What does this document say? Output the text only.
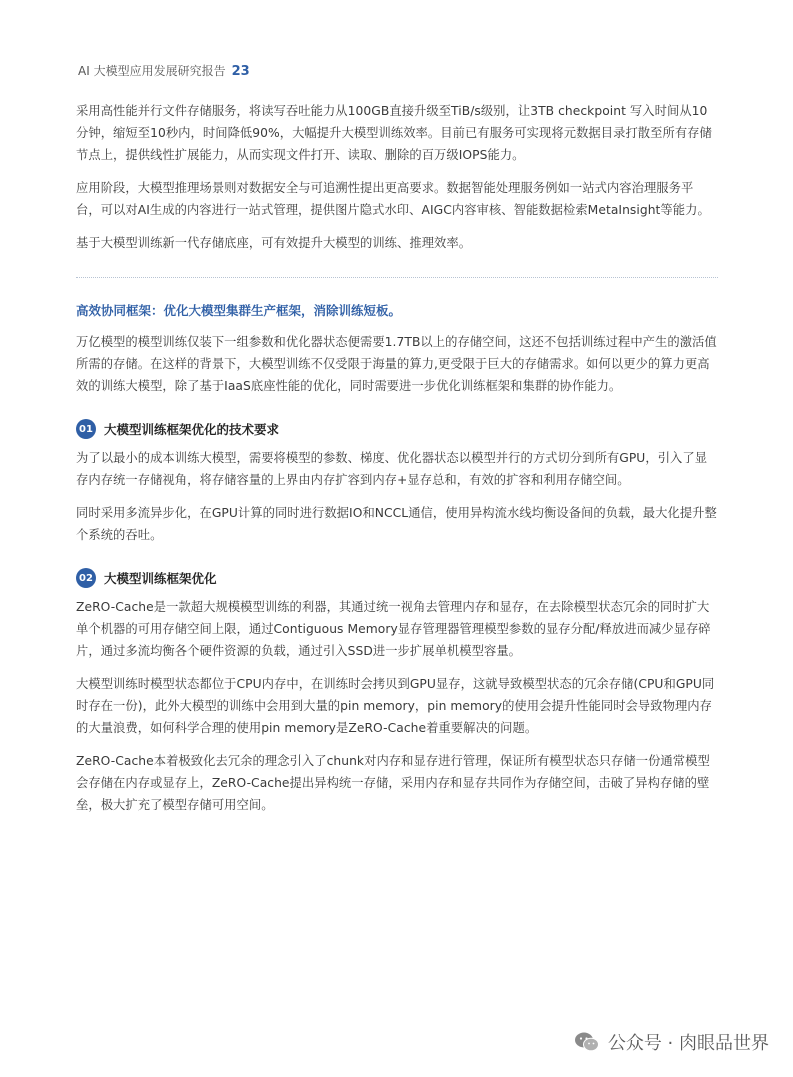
AI 大模型应用发展研究报告 23

采用高性能并行文件存储服务，将读写吞吐能力从100GB直接升级至TiB/s级别，让3TB checkpoint 写入时间从10分钟，缩短至10秒内，时间降低90%，大幅提升大模型训练效率。目前已有服务可实现将元数据目录打散至所有存储节点上，提供线性扩展能力，从而实现文件打开、读取、删除的百万级IOPS能力。

应用阶段，大模型推理场景则对数据安全与可追溯性提出更高要求。数据智能处理服务例如一站式内容治理服务平台，可以对AI生成的内容进行一站式管理，提供图片隐式水印、AIGC内容审核、智能数据检索MetaInsight等能力。

基于大模型训练新一代存储底座，可有效提升大模型的训练、推理效率。

高效协同框架：优化大模型集群生产框架，消除训练短板。

万亿模型的模型训练仅装下一组参数和优化器状态便需要1.7TB以上的存储空间，这还不包括训练过程中产生的激活值所需的存储。在这样的背景下，大模型训练不仅受限于海量的算力,更受限于巨大的存储需求。如何以更少的算力更高效的训练大模型，除了基于IaaS底座性能的优化，同时需要进一步优化训练框架和集群的协作能力。

01 大模型训练框架优化的技术要求

为了以最小的成本训练大模型，需要将模型的参数、梯度、优化器状态以模型并行的方式切分到所有GPU，引入了显存内存统一存储视角，将存储容量的上界由内存扩容到内存+显存总和，有效的扩容和利用存储空间。

同时采用多流异步化，在GPU计算的同时进行数据IO和NCCL通信，使用异构流水线均衡设备间的负载，最大化提升整个系统的吞吐。

02 大模型训练框架优化

ZeRO-Cache是一款超大规模模型训练的利器，其通过统一视角去管理内存和显存，在去除模型状态冗余的同时扩大单个机器的可用存储空间上限，通过Contiguous Memory显存管理器管理模型参数的显存分配/释放进而减少显存碎片，通过多流均衡各个硬件资源的负载，通过引入SSD进一步扩展单机模型容量。

大模型训练时模型状态都位于CPU内存中，在训练时会拷贝到GPU显存，这就导致模型状态的冗余存储(CPU和GPU同时存在一份)，此外大模型的训练中会用到大量的pin memory，pin memory的使用会提升性能同时会导致物理内存的大量浪费，如何科学合理的使用pin memory是ZeRO-Cache着重要解决的问题。

ZeRO-Cache本着极致化去冗余的理念引入了chunk对内存和显存进行管理，保证所有模型状态只存储一份通常模型会存储在内存或显存上，ZeRO-Cache提出异构统一存储，采用内存和显存共同作为存储空间，击破了异构存储的壁垒，极大扩充了模型存储可用空间。

公众号 · 肉眼品世界
